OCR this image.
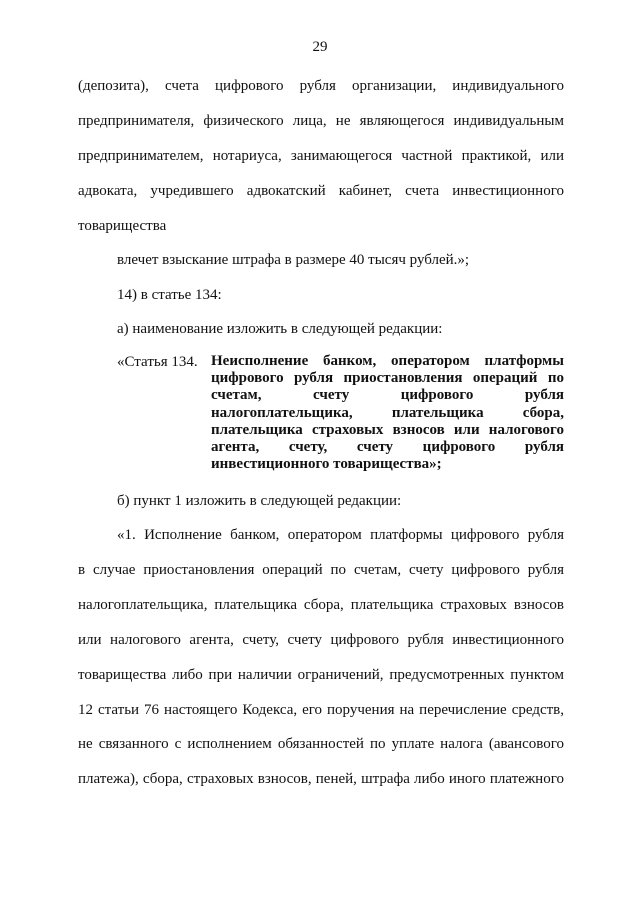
29
(депозита), счета цифрового рубля организации, индивидуального
предпринимателя, физического лица, не являющегося индивидуальным
предпринимателем, нотариуса, занимающегося частной практикой, или
адвоката, учредившего адвокатский кабинет, счета инвестиционного
товарищества
влечет взыскание штрафа в размере 40 тысяч рублей.»;
14) в статье 134:
а) наименование изложить в следующей редакции:
«Статья 134. Неисполнение банком, оператором платформы
цифрового рубля приостановления операций по
счетам, счету цифрового рубля
налогоплательщика, плательщика сбора,
плательщика страховых взносов или налогового
агента, счету, счету цифрового рубля
инвестиционного товарищества»;
б) пункт 1 изложить в следующей редакции:
«1. Исполнение банком, оператором платформы цифрового рубля
в случае приостановления операций по счетам, счету цифрового рубля
налогоплательщика, плательщика сбора, плательщика страховых взносов
или налогового агента, счету, счету цифрового рубля инвестиционного
товарищества либо при наличии ограничений, предусмотренных пунктом
12 статьи 76 настоящего Кодекса, его поручения на перечисление средств,
не связанного с исполнением обязанностей по уплате налога (авансового
платежа), сбора, страховых взносов, пеней, штрафа либо иного платежного
